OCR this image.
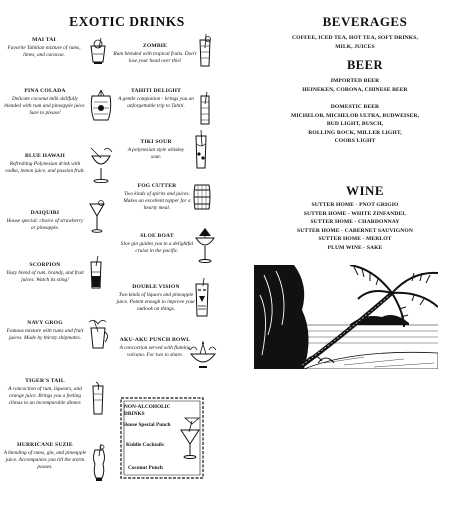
EXOTIC DRINKS
MAI TAI
Favorite Tahitian mixture of rums, limes, and curacao.
ZOMBIE
Rum blended with tropical fruits. Don't lose your head over this!
PINA COLADA
Delicate coconut milk skillfully blended with rum and pineapple juice. Sure to please!
TAHITI DELIGHT
A gentle companion - brings you an unforgettable trip to Tahiti.
TIKI SOUR
A polynesian style whiskey sour.
BLUE HAWAII
Refreshing Polynesian drink with vodka, lemon juice, and passion fruit.
FOG CUTTER
Two kinds of spirits and juices. Makes an excellent topper for a hearty meal.
DAIQUIRI
House special: choice of strawberry or pineapple.
SLOE BOAT
Sloe gin guides you to a delightful cruise in the pacific.
SCORPION
Tasty blend of rum, brandy, and fruit juices. Watch its sting!
DOUBLE VISION
Two kinds of liquors and pineapple juice. Potent enough to improve your outlook on things.
NAVY GROG
Famous mixture with rums and fruit juices. Made by thirsty shipmates.	AKU-AKU PUNCH BOWL
A concoction served with flaming volcano. For two to share.
TIGER'S TAIL
A concoction of rum, liqueurs, and orange juice. Brings you a feeling climax to an incomparable dinner.
HURRICANE SUZIE
A blending of rums, gin, and pineapple juice. Accompanies you till the storm passes.
NON-ALCOHOLIC DRINKS
House Special Punch
Kiddie Cocktails
Coconut Punch
BEVERAGES
COFFEE, ICED TEA, HOT TEA, SOFT DRINKS,
MILK, JUICES
BEER
IMPORTED BEER
HEINEKEN, CORONA, CHINESE BEER
DOMESTIC BEER
MICHELOB, MICHELOB ULTRA, BUDWEISER,
BUD LIGHT, BUSCH,
ROLLING ROCK, MILLER LIGHT,
COORS LIGHT
WINE
SUTTER HOME - PNOT GRIGIO
SUTTER HOME - WHITE ZINFANDEL
SUTTER HOME - CHARDONNAY
SUTTER HOME - CABERNET SAUVIGNON
SUTTER HOME - MERLOT
PLUM WINE - SAKE
